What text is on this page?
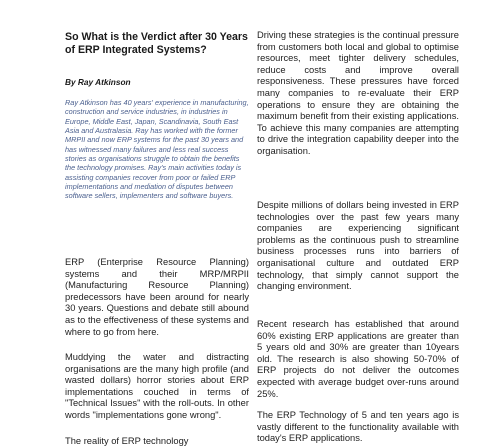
So What is the Verdict after 30 Years of ERP Integrated Systems?
By Ray Atkinson

Ray Atkinson has 40 years' experience in manufacturing, construction and service industries, in industries in Europe, Middle East, Japan, Scandinavia, South East Asia and Australasia. Ray has worked with the former MRPII and now ERP systems for the past 30 years and has witnessed many failures and less real success stories as organisations struggle to obtain the benefits the technology promises. Ray's main activities today is assisting companies recover from poor or failed ERP implementations and mediation of disputes between software sellers, implementers and software buyers.

ERP (Enterprise Resource Planning) systems and their MRP/MRPII (Manufacturing Resource Planning) predecessors have been around for nearly 30 years. Questions and debate still abound as to the effectiveness of these systems and where to go from here.

Muddying the water and distracting organisations are the many high profile (and wasted dollars) horror stories about ERP implementations couched in terms of "Technical Issues" with the roll-outs. In other words "implementations gone wrong".

The reality of ERP technology

Driving these strategies is the continual pressure from customers both local and global to optimise resources, meet tighter delivery schedules, reduce costs and improve overall responsiveness. These pressures have forced many companies to re-evaluate their ERP operations to ensure they are obtaining the maximum benefit from their existing applications. To achieve this many companies are attempting to drive the integration capability deeper into the organisation.

Despite millions of dollars being invested in ERP technologies over the past few years many companies are experiencing significant problems as the continuous push to streamline business processes runs into barriers of organisational culture and outdated ERP technology, that simply cannot support the changing environment.

Recent research has established that around 60% existing ERP applications are greater than 5 years old and 30% are greater than 10years old. The research is also showing 50-70% of ERP projects do not deliver the outcomes expected with average budget over-runs around 25%.

The ERP Technology of 5 and ten years ago is vastly different to the functionality available with today's ERP applications.
